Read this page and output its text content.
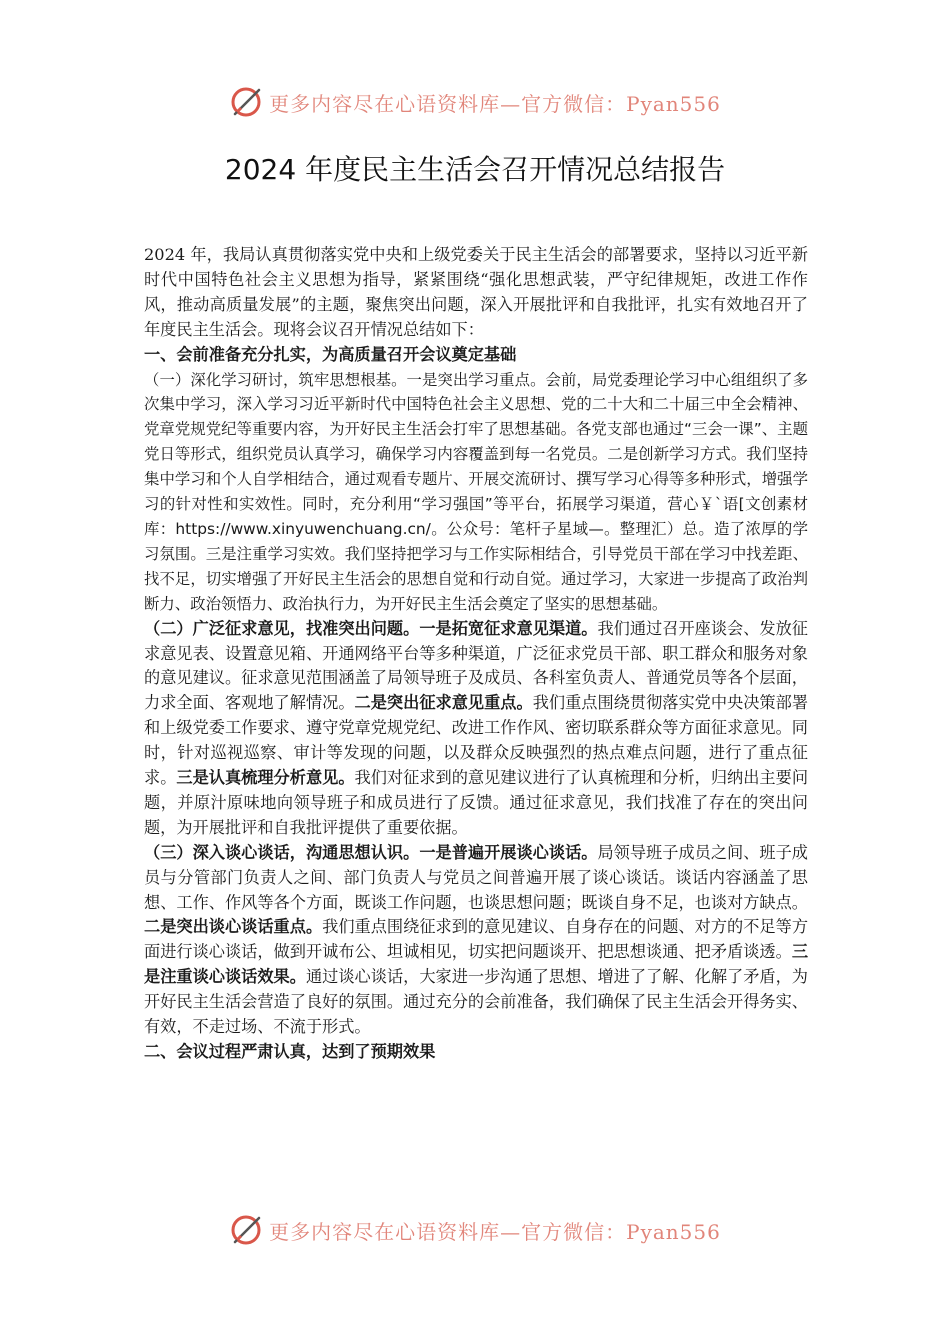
更多内容尽在心语资料库—官方微信：Pyan556
2024 年度民主生活会召开情况总结报告

2024 年，我局认真贯彻落实党中央和上级党委关于民主生活会的部署要求，坚持以习近平新时代中国特色社会主义思想为指导，紧紧围绕“强化思想武装，严守纪律规矩，改进工作作风，推动高质量发展”的主题，聚焦突出问题，深入开展批评和自我批评，扎实有效地召开了年度民主生活会。现将会议召开情况总结如下：

一、会前准备充分扎实，为高质量召开会议奠定基础

（一）深化学习研讨，筑牢思想根基。一是突出学习重点。会前，局党委理论学习中心组组织了多次集中学习，深入学习习近平新时代中国特色社会主义思想、党的二十大和二十届三中全会精神、党章党规党纪等重要内容，为开好民主生活会打牢了思想基础。各党支部也通过“三会一课”、主题党日等形式，组织党员认真学习，确保学习内容覆盖到每一名党员。二是创新学习方式。我们坚持集中学习和个人自学相结合，通过观看专题片、开展交流研讨、撰写学习心得等多种形式，增强学习的针对性和实效性。同时，充分利用“学习强国”等平台，拓展学习渠道，营心￥`语[文创素材库：https://www.xinyuwenchuang.cn/。公众号：笔杆子星域—。整理汇）总。造了浓厚的学习氛围。三是注重学习实效。我们坚持把学习与工作实际相结合，引导党员干部在学习中找差距、找不足，切实增强了开好民主生活会的思想自觉和行动自觉。通过学习，大家进一步提高了政治判断力、政治领悟力、政治执行力，为开好民主生活会奠定了坚实的思想基础。

（二）广泛征求意见，找准突出问题。一是拓宽征求意见渠道。我们通过召开座谈会、发放征求意见表、设置意见箱、开通网络平台等多种渠道，广泛征求党员干部、职工群众和服务对象的意见建议。征求意见范围涵盖了局领导班子及成员、各科室负责人、普通党员等各个层面，力求全面、客观地了解情况。二是突出征求意见重点。我们重点围绕贯彻落实党中央决策部署和上级党委工作要求、遵守党章党规党纪、改进工作作风、密切联系群众等方面征求意见。同时，针对巡视巡察、审计等发现的问题，以及群众反映强烈的热点难点问题，进行了重点征求。三是认真梳理分析意见。我们对征求到的意见建议进行了认真梳理和分析，归纳出主要问题，并原汁原味地向领导班子和成员进行了反馈。通过征求意见，我们找准了存在的突出问题，为开展批评和自我批评提供了重要依据。

（三）深入谈心谈话，沟通思想认识。一是普遍开展谈心谈话。局领导班子成员之间、班子成员与分管部门负责人之间、部门负责人与党员之间普遍开展了谈心谈话。谈话内容涵盖了思想、工作、作风等各个方面，既谈工作问题，也谈思想问题；既谈自身不足，也谈对方缺点。二是突出谈心谈话重点。我们重点围绕征求到的意见建议、自身存在的问题、对方的不足等方面进行谈心谈话，做到开诚布公、坦诚相见，切实把问题谈开、把思想谈通、把矛盾谈透。三是注重谈心谈话效果。通过谈心谈话，大家进一步沟通了思想、增进了了解、化解了矛盾，为开好民主生活会营造了良好的氛围。通过充分的会前准备，我们确保了民主生活会开得务实、有效，不走过场、不流于形式。

二、会议过程严肃认真，达到了预期效果
更多内容尽在心语资料库—官方微信：Pyan556
